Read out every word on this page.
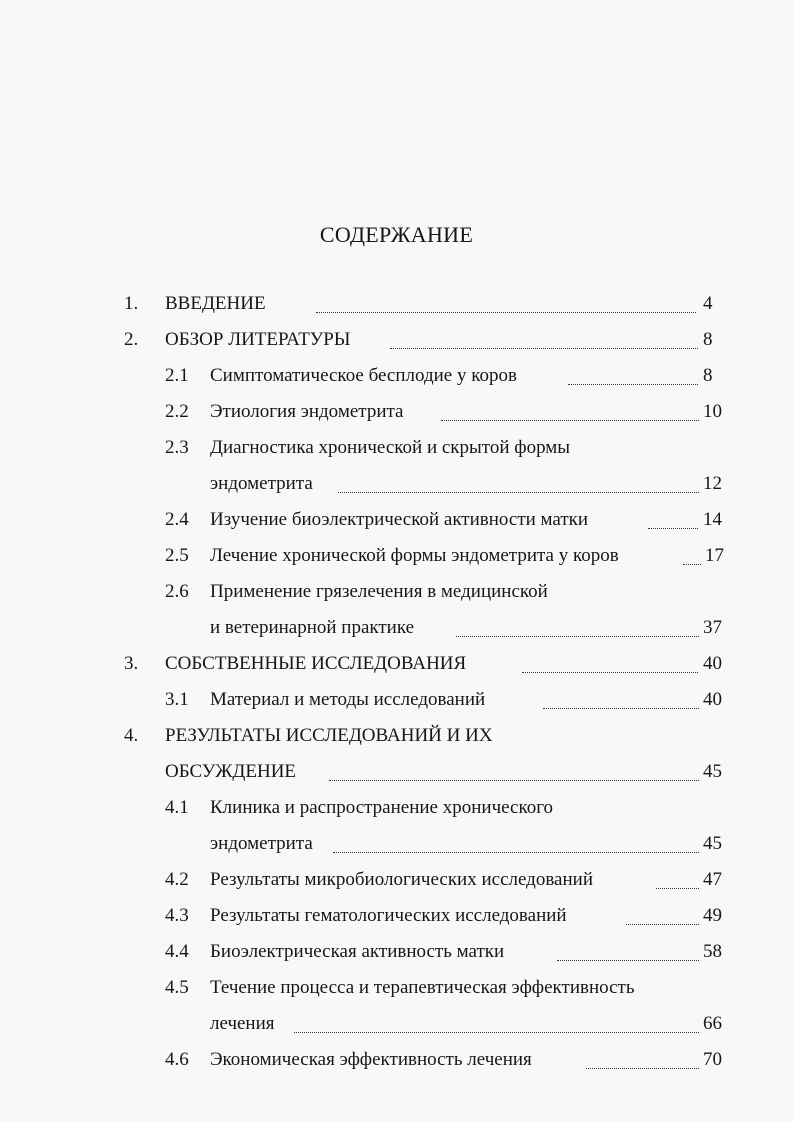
СОДЕРЖАНИЕ
1. ВВЕДЕНИЕ	4
2. ОБЗОР ЛИТЕРАТУРЫ	8
2.1 Симптоматическое бесплодие у коров	8
2.2 Этиология эндометрита	10
2.3 Диагностика хронической и скрытой формы
эндометрита	12
2.4 Изучение биоэлектрической активности матки	14
2.5 Лечение хронической формы эндометрита у коров	17
2.6 Применение грязелечения в медицинской
и ветеринарной практике	37
3. СОБСТВЕННЫЕ ИССЛЕДОВАНИЯ	40
3.1 Материал и методы исследований	40
4. РЕЗУЛЬТАТЫ ИССЛЕДОВАНИЙ И ИХ
ОБСУЖДЕНИЕ	45
4.1 Клиника и распространение хронического
эндометрита	45
4.2 Результаты микробиологических исследований	47
4.3 Результаты гематологических исследований	49
4.4 Биоэлектрическая активность матки	58
4.5 Течение процесса и терапевтическая эффективность
лечения	66
4.6 Экономическая эффективность лечения	70
